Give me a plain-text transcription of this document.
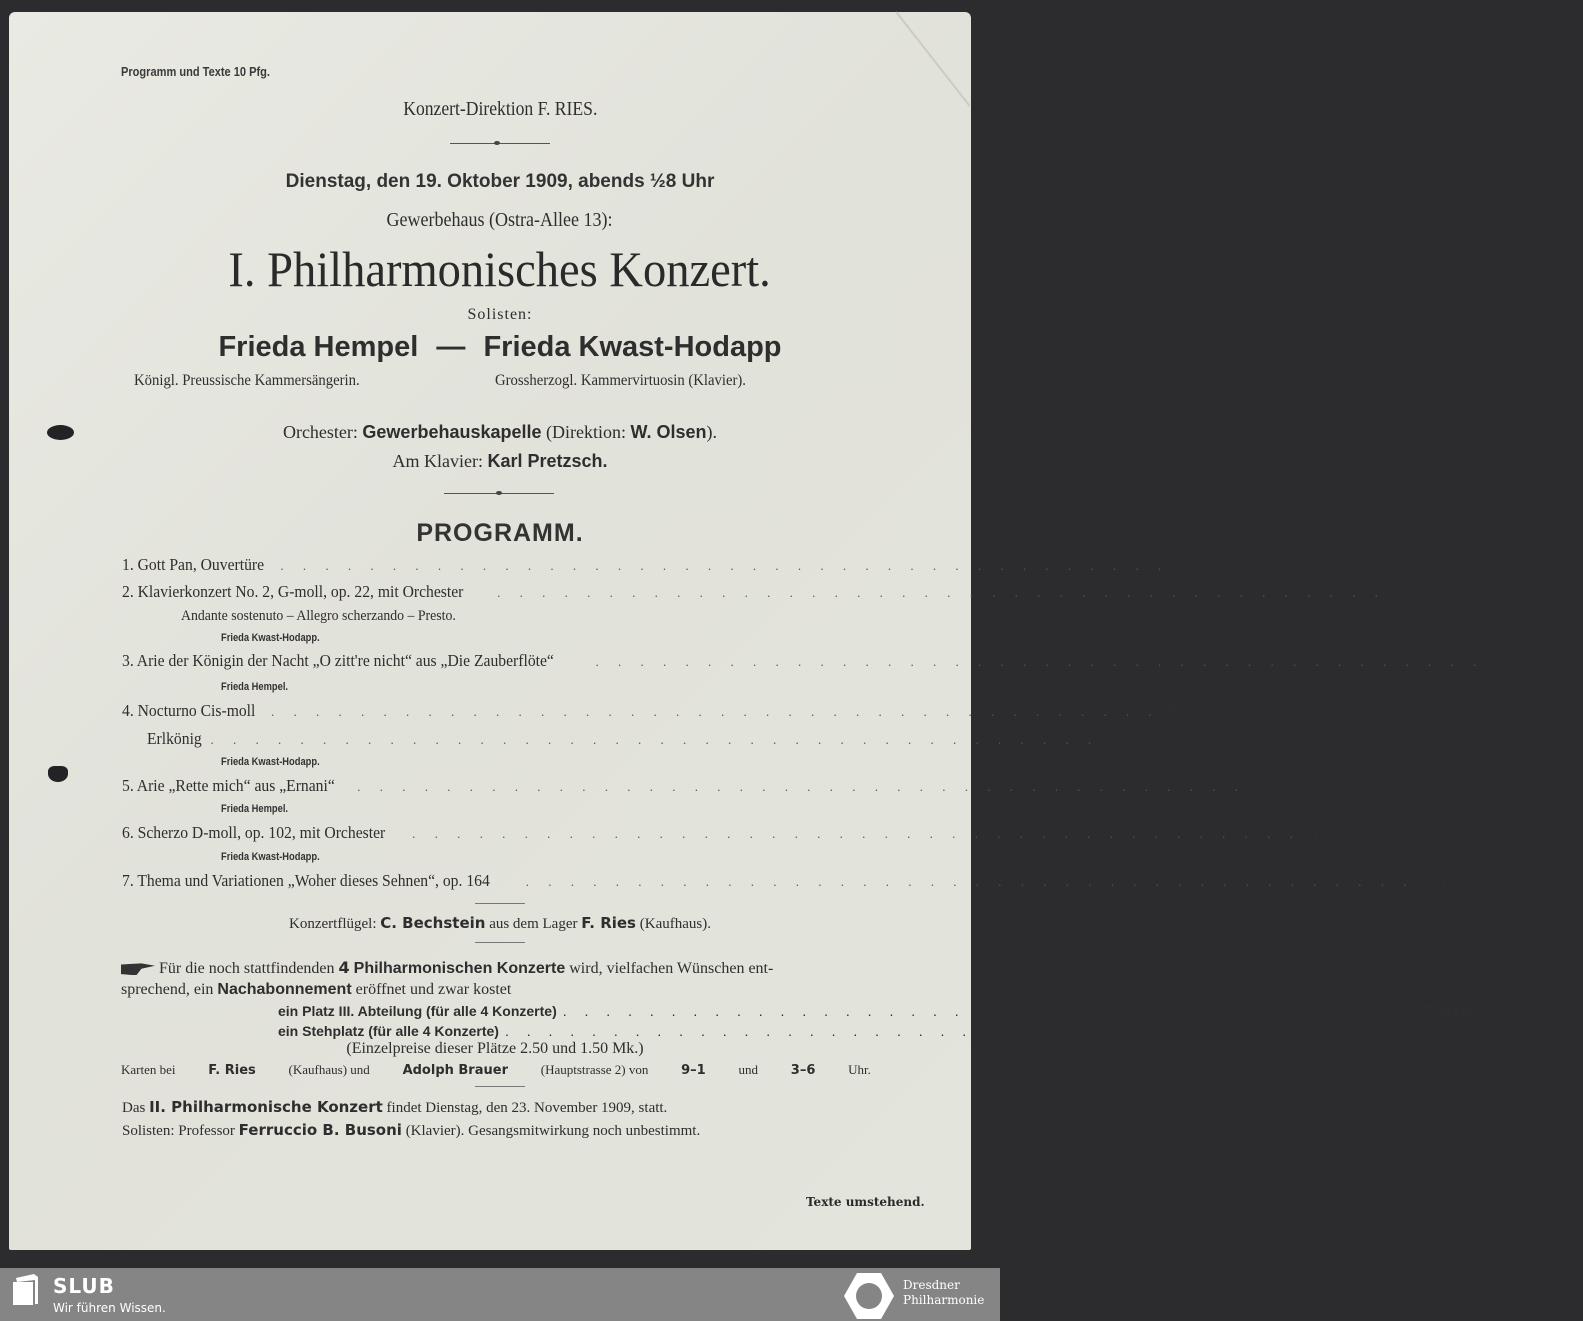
Programm und Texte 10 Pfg.
Konzert-Direktion F. RIES.
Dienstag, den 19. Oktober 1909, abends ½8 Uhr
Gewerbehaus (Ostra-Allee 13):
I. Philharmonisches Konzert.
Solisten:
Frieda Hempel — Frieda Kwast-Hodapp
Königl. Preussische Kammersängerin.	Grossherzogl. Kammervirtuosin (Klavier).
Orchester: Gewerbehauskapelle (Direktion: W. Olsen).
Am Klavier: Karl Pretzsch.
PROGRAMM.
1. Gott Pan, Ouvertüre . . . . . . . . . . . . . . . . . . . . . . . . . . . . . . . . . . . . . . . . L. Kempter.
2. Klavierkonzert No. 2, G-moll, op. 22, mit Orchester	. . . . . . . . . . . . . . . . . . . . . . . . . . . . . . . . . . . . . . . . C. Saint-Saëns.
Andante sostenuto – Allegro scherzando – Presto.
Frieda Kwast-Hodapp.
3. Arie der Königin der Nacht „O zitt're nicht“ aus „Die Zauberflöte“	. . . . . . . . . . . . . . . . . . . . . . . . . . . . . . . . . . . . . . . . W. A. Mozart.
Frieda Hempel.
4. Nocturno Cis-moll . . . . . . . . . . . . . . . . . . . . . . . . . . . . . . . . . . . . . . . . Fr. Chopin.
Erlkönig . . . . . . . . . . . . . . . . . . . . . . . . . . . . . . . . . . . . . . . . Schubert-Liszt.
Frieda Kwast-Hodapp.
5. Arie „Rette mich“ aus „Ernani“ . . . . . . . . . . . . . . . . . . . . . . . . . . . . . . . . . . . . . . . . J. Verdi.
Frieda Hempel.
6. Scherzo D-moll, op. 102, mit Orchester . . . . . . . . . . . . . . . . . . . . . . . . . . . . . . . . . . . . . . . . H. Litolff.
Frieda Kwast-Hodapp.
7. Thema und Variationen „Woher dieses Sehnen“, op. 164	. . . . . . . . . . . . . . . . . . . . . . . . . . . . . . . . . . . . . . . . H. Proch.
Konzertflügel: C. Bechstein aus dem Lager F. Ries (Kaufhaus).
Für die noch stattfindenden 4 Philharmonischen Konzerte wird, vielfachen Wünschen ent-
sprechend, ein Nachabonnement eröffnet und zwar kostet
ein Platz III. Abteilung (für alle 4 Konzerte) . . . . . . . . . . . . . . . . . . . . . . . . . . . . . . . . . . . . . . . . 7.50 Mk.
ein Stehplatz (für alle 4 Konzerte) . . . . . . . . . . . . . . . . . . . . . . . . . . . . . . . . . . . . . . . . 4.— „
(Einzelpreise dieser Plätze 2.50 und 1.50 Mk.)
Karten bei	F. Ries	(Kaufhaus) und	Adolph Brauer	(Hauptstrasse 2) von	9–1	und	3–6	Uhr.
Das II. Philharmonische Konzert findet Dienstag, den 23. November 1909, statt.
Solisten: Professor Ferruccio B. Busoni (Klavier). Gesangsmitwirkung noch unbestimmt.
Texte umstehend.
SLUB
Wir führen Wissen.
Dresdner
Philharmonie
